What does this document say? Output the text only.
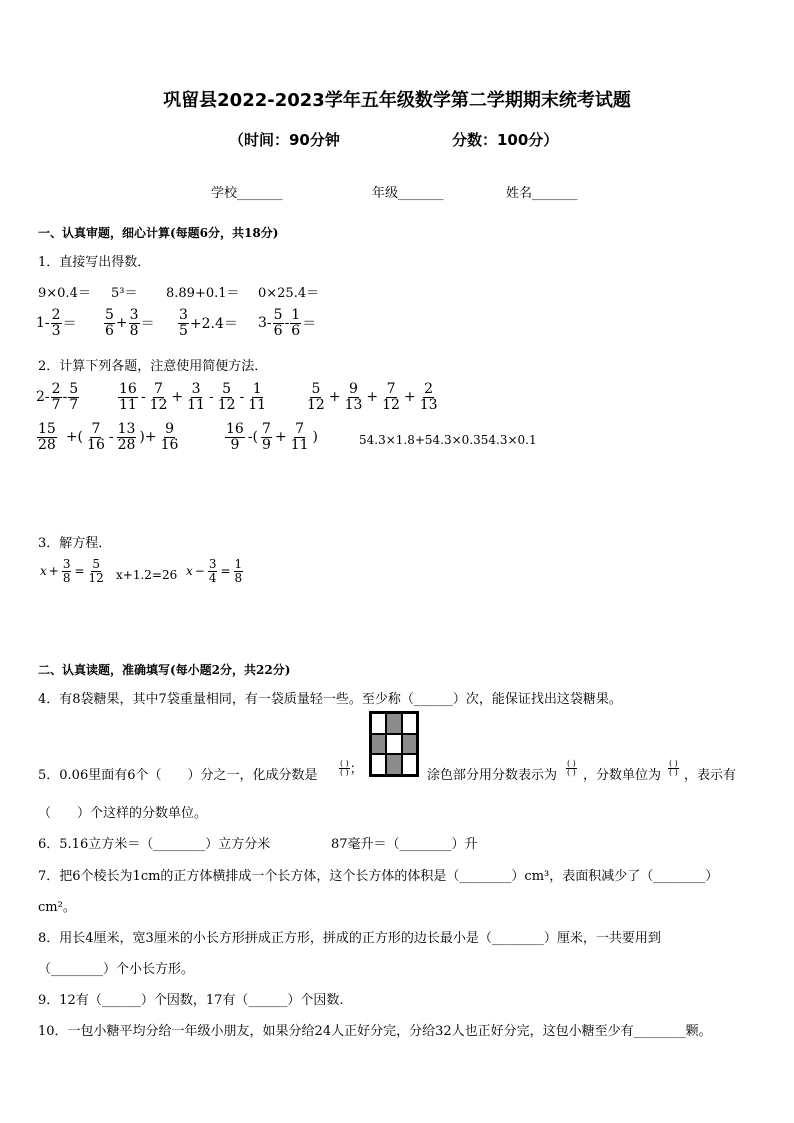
巩留县2022-2023学年五年级数学第二学期期末统考试题
（时间：90分钟	分数：100分）
学校_______	年级_______	姓名_______
一、认真审题，细心计算(每题6分，共18分)
1．直接写出得数．
9×0.4＝ 5³＝ 8.89+0.1＝ 0×25.4＝
$1- \frac{2}{3} = \frac{5}{6} + \frac{3}{8} = \frac{3}{5} +2.4= 3- \frac{5}{6} - \frac{1}{6}$ ＝
2．计算下列各题，注意使用简便方法．
$2- \frac{2}{7} - \frac{5}{7}$	$\frac{16}{11} - \frac{7}{12} + \frac{3}{11} - \frac{5}{12} - \frac{1}{11}$	$\frac{5}{12} + \frac{9}{13} + \frac{7}{12} + \frac{2}{13}$
$\frac{15}{28}$ +( $\frac{7}{16} - \frac{13}{28}$ )+ $\frac{9}{16}$	$\frac{16}{9}$ -( $\frac{7}{9} + \frac{7}{11}$ )	54.3×1.8+54.3×0.354.3×0.1
3．解方程．
$x + \frac{3}{8} = \frac{5}{12} x+1.2=26$ $x - \frac{3}{4} = \frac{1}{8}$
二、认真读题，准确填写(每小题2分，共22分)
4．有8袋糖果，其中7袋重量相同，有一袋质量轻一些。至少称（______）次，能保证找出这袋糖果。
5．0.06里面有6个（　　）分之一，化成分数是
( )
( ) ；	涂色部分用分数表示为
( )
( ) ，分数单位为
( )
( ) ，表示有
（　　）个这样的分数单位。
6．5.16立方米＝（________）立方分米	87毫升＝（________）升
7．把6个棱长为1cm的正方体横排成一个长方体，这个长方体的体积是（________）cm³，表面积减少了（________）
cm²。
8．用长4厘米，宽3厘米的小长方形拼成正方形，拼成的正方形的边长最小是（________）厘米，一共要用到
（________）个小长方形。
9．12有（______）个因数，17有（______）个因数.
10．一包小糖平均分给一年级小朋友，如果分给24人正好分完，分给32人也正好分完，这包小糖至少有________颗。
